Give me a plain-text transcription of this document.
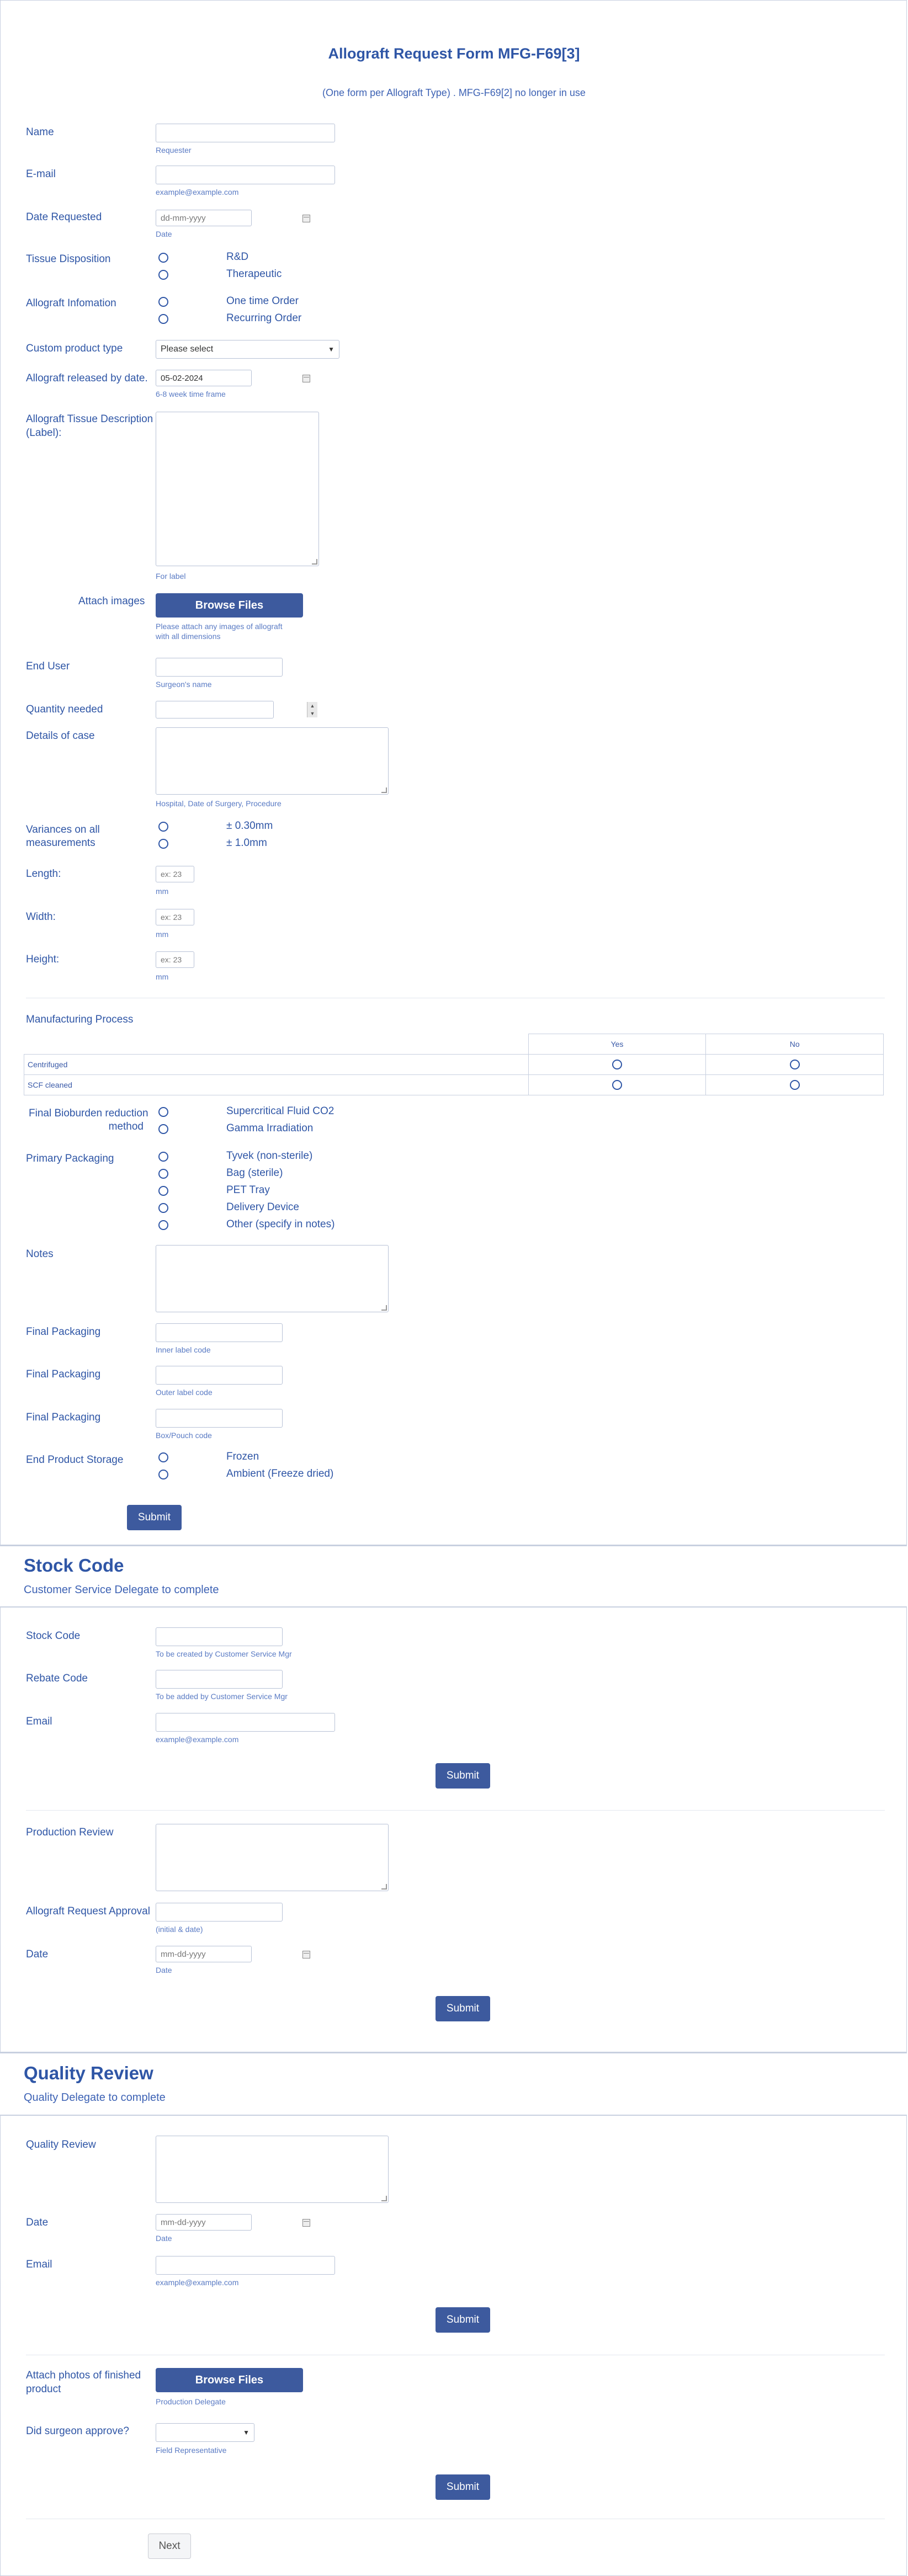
Allograft Request Form MFG-F69[3]
(One form per Allograft Type) . MFG-F69[2] no longer in use
Name
Requester
E-mail
example@example.com
Date Requested	dd-mm-yyyy
Date
Tissue Disposition	R&D
Therapeutic
Allograft Infomation	One time Order
Recurring Order
Custom product type	Please select	▼
Allograft released by date.	05-02-2024
6-8 week time frame
Allograft Tissue Description
(Label):
For label
Attach images	Browse Files
Please attach any images of allograft
with all dimensions
End User
Surgeon's name
Quantity needed	▲
▼
Details of case
Hospital, Date of Surgery, Procedure
Variances on all
measurements
± 0.30mm
± 1.0mm
Length:	ex: 23
mm
Width:	ex: 23
mm
Height:	ex: 23
mm
Manufacturing Process
	Yes	No
Centrifuged		
SCF cleaned		
Final Bioburden reduction
method
Supercritical Fluid CO2
Gamma Irradiation
Primary Packaging	Tyvek (non-sterile)
Bag (sterile)
PET Tray
Delivery Device
Other (specify in notes)
Notes
Final Packaging
Inner label code
Final Packaging
Outer label code
Final Packaging
Box/Pouch code
End Product Storage	Frozen
Ambient (Freeze dried)
Submit
Stock Code
Customer Service Delegate to complete
Stock Code
To be created by Customer Service Mgr
Rebate Code
To be added by Customer Service Mgr
Email
example@example.com
Submit
Production Review
Allograft Request Approval
(initial & date)
Date	mm-dd-yyyy
Date
Submit
Quality Review
Quality Delegate to complete
Quality Review
Date	mm-dd-yyyy
Date
Email
example@example.com
Submit
Attach photos of finished
product
Browse Files
Production Delegate
Did surgeon approve?	▼
Field Representative
Submit
Next
